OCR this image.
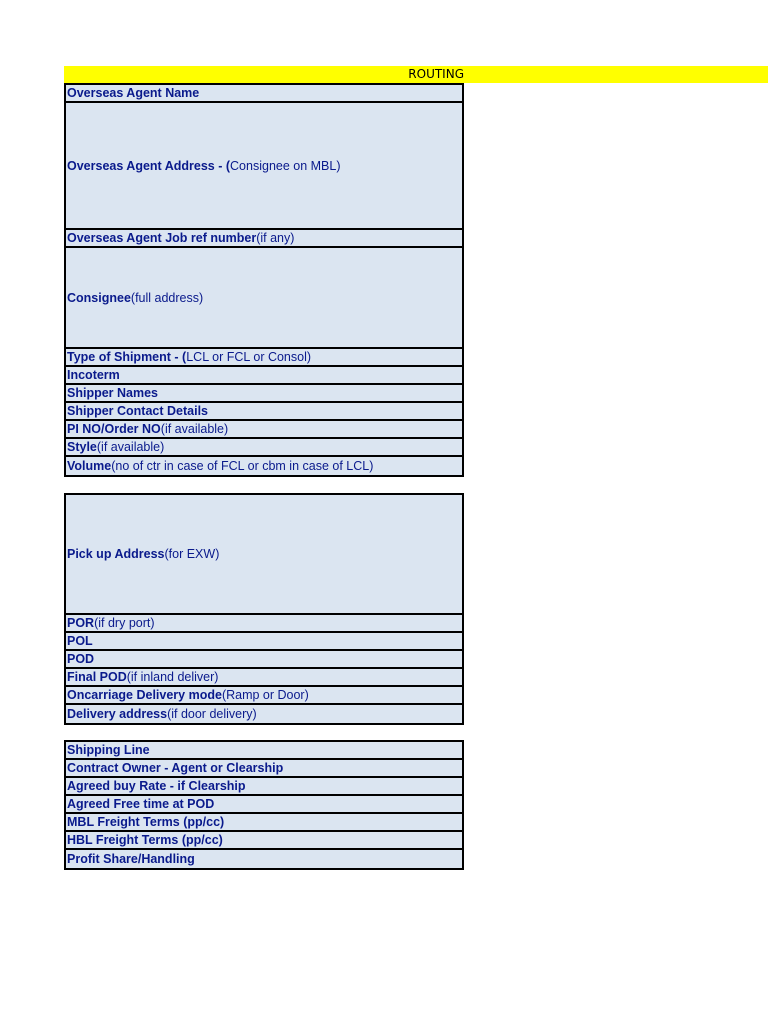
ROUTING
Overseas Agent Name
Overseas Agent Address - ( Consignee on MBL)
Overseas Agent Job ref number (if any)
Consignee (full address)
Type of Shipment - ( LCL or FCL or Consol)
Incoterm
Shipper Names
Shipper Contact Details
PI NO/Order NO (if available)
Style (if available)
Volume (no of ctr in case of FCL or cbm in case of LCL)
Pick up Address (for EXW)
POR (if dry port)
POL
POD
Final POD (if inland deliver)
Oncarriage Delivery mode (Ramp or Door)
Delivery address (if door delivery)
Shipping Line
Contract Owner - Agent or Clearship
Agreed buy Rate - if Clearship
Agreed Free time at POD
MBL Freight Terms (pp/cc)
HBL Freight Terms (pp/cc)
Profit Share/Handling
